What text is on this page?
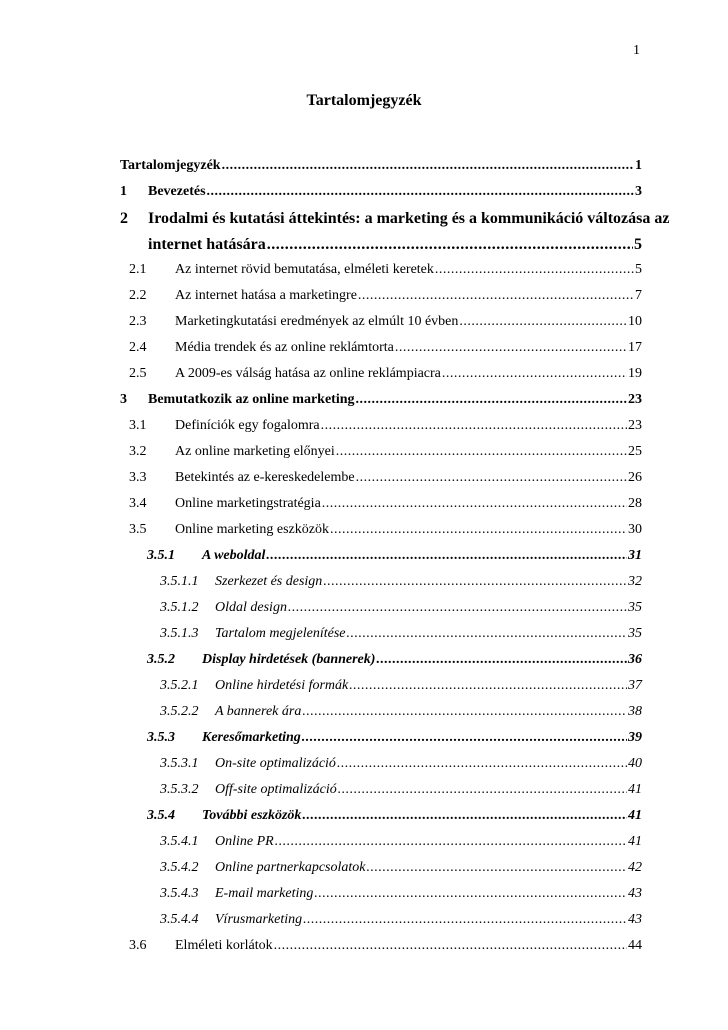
1
Tartalomjegyzék
Tartalomjegyzék .....	1
1	Bevezetés .....	3
2	Irodalmi és kutatási áttekintés: a marketing és a kommunikáció változása az
internet hatására .....	5
2.1	Az internet rövid bemutatása, elméleti keretek .....	5
2.2	Az internet hatása a marketingre .....	7
2.3	Marketingkutatási eredmények az elmúlt 10 évben .....	10
2.4	Média trendek és az online reklámtorta .....	17
2.5	A 2009-es válság hatása az online reklámpiacra .....	19
3	Bemutatkozik az online marketing .....	23
3.1	Definíciók egy fogalomra .....	23
3.2	Az online marketing előnyei .....	25
3.3	Betekintés az e-kereskedelembe .....	26
3.4	Online marketingstratégia .....	28
3.5	Online marketing eszközök .....	30
3.5.1	A weboldal .....	31
3.5.1.1	Szerkezet és design .....	32
3.5.1.2	Oldal design .....	35
3.5.1.3	Tartalom megjelenítése .....	35
3.5.2	Display hirdetések (bannerek) .....	36
3.5.2.1	Online hirdetési formák .....	37
3.5.2.2	A bannerek ára .....	38
3.5.3	Keresőmarketing .....	39
3.5.3.1	On-site optimalizáció .....	40
3.5.3.2	Off-site optimalizáció .....	41
3.5.4	További eszközök .....	41
3.5.4.1	Online PR .....	41
3.5.4.2	Online partnerkapcsolatok .....	42
3.5.4.3	E-mail marketing .....	43
3.5.4.4	Vírusmarketing .....	43
3.6	Elméleti korlátok .....	44
